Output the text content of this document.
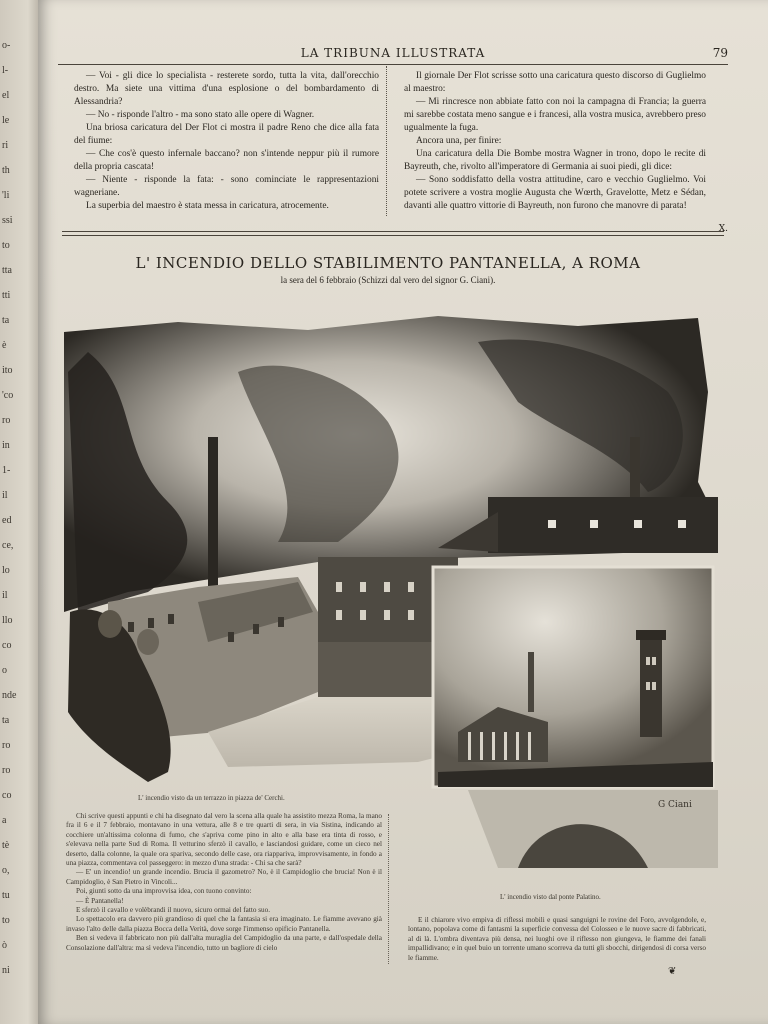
o-
l-
el
le
ri
th
'li
ssi
to
tta
tti
ta
è
ito
'co
ro
in
1-
il
ed
ce,
lo
il
llo
co
o
nde
ta
ro
ro
co
a
tè
o,
tu
to
ò
ni
LA TRIBUNA ILLUSTRATA	79

— Voi - gli dice lo specialista - resterete sordo, tutta la vita, dall'orecchio destro. Ma siete una vittima d'una esplosione o del bombardamento di Alessandria?

— No - risponde l'altro - ma sono stato alle opere di Wagner.

Una briosa caricatura del Der Flot ci mostra il padre Reno che dice alla fata del fiume:

— Che cos'è questo infernale baccano? non s'intende neppur più il rumore della propria cascata!

— Niente - risponde la fata: - sono cominciate le rappresentazioni wagneriane.

La superbia del maestro è stata messa in caricatura, atrocemente.

Il giornale Der Flot scrisse sotto una caricatura questo discorso di Guglielmo al maestro:

— Mi rincresce non abbiate fatto con noi la campagna di Francia; la guerra mi sarebbe costata meno sangue e i francesi, alla vostra musica, avrebbero preso ugualmente la fuga.

Ancora una, per finire:

Una caricatura della Die Bombe mostra Wagner in trono, dopo le recite di Bayreuth, che, rivolto all'imperatore di Germania ai suoi piedi, gli dice:

— Sono soddisfatto della vostra attitudine, caro e vecchio Guglielmo. Voi potete scrivere a vostra moglie Augusta che Wœrth, Gravelotte, Metz e Sédan, davanti alle quattro vittorie di Bayreuth, non furono che manovre di parata!

X.
L' INCENDIO DELLO STABILIMENTO PANTANELLA, A ROMA
la sera del 6 febbraio (Schizzi dal vero del signor G. Ciani).
G Ciani
L' incendio visto da un terrazzo in piazza de' Cerchi.
L' incendio visto dal ponte Palatino.

Chi scrive questi appunti e chi ha disegnato dal vero la scena alla quale ha assistito mezza Roma, la mano fra il 6 e il 7 febbraio, montavano in una vettura, alle 8 e tre quarti di sera, in via Sistina, indicando al cocchiere un'altissima colonna di fumo, che s'apriva come pino in alto e alla base era tinta di rosso, e s'elevava nella parte Sud di Roma. Il vetturino sferzò il cavallo, e lasciandosi guidare, come un cieco nel deserto, dalla colonne, la quale ora spariva, secondo delle case, ora riappariva, improvvisamente, in fondo a una piazza, commentava col passeggero: in mezzo d'una strada: - Chi sa che sarà?

— E' un incendio! un grande incendio. Brucia il gazometro? No, è il Campidoglio che brucia! Non è il Campidoglio, è San Pietro in Vincoli...

Poi, giunti sotto da una improvvisa idea, con tuono convinto:

— È Pantanella!

E sferzò il cavallo e volèbrandi il nuovo, sicuro ormai del fatto suo.

Lo spettacolo era davvero più grandioso di quel che la fantasia si era imaginato. Le fiamme avevano già invaso l'alto delle dalla piazza Bocca della Verità, dove sorge l'immenso opificio Pantanella.

Ben si vedeva il fabbricato non più dall'alta muraglia del Campidoglio da una parte, e dall'ospedale della Consolazione dall'altra: ma sì vedeva l'incendio, tutto un bagliore di cielo

E il chiarore vivo empiva di riflessi mobili e quasi sanguigni le rovine del Foro, avvolgendole, e, lontano, popolava come di fantasmi la superficie convessa del Colosseo e le nuove sacre di fabbricati, al di là. L'ombra diventava più densa, nei luoghi ove il riflesso non giungeva, le fiamme dei fanali impallidivano; e in quel buio un torrente umano scorreva da tutti gli sbocchi, dirigendosi di corsa verso le fiamme.

❦
